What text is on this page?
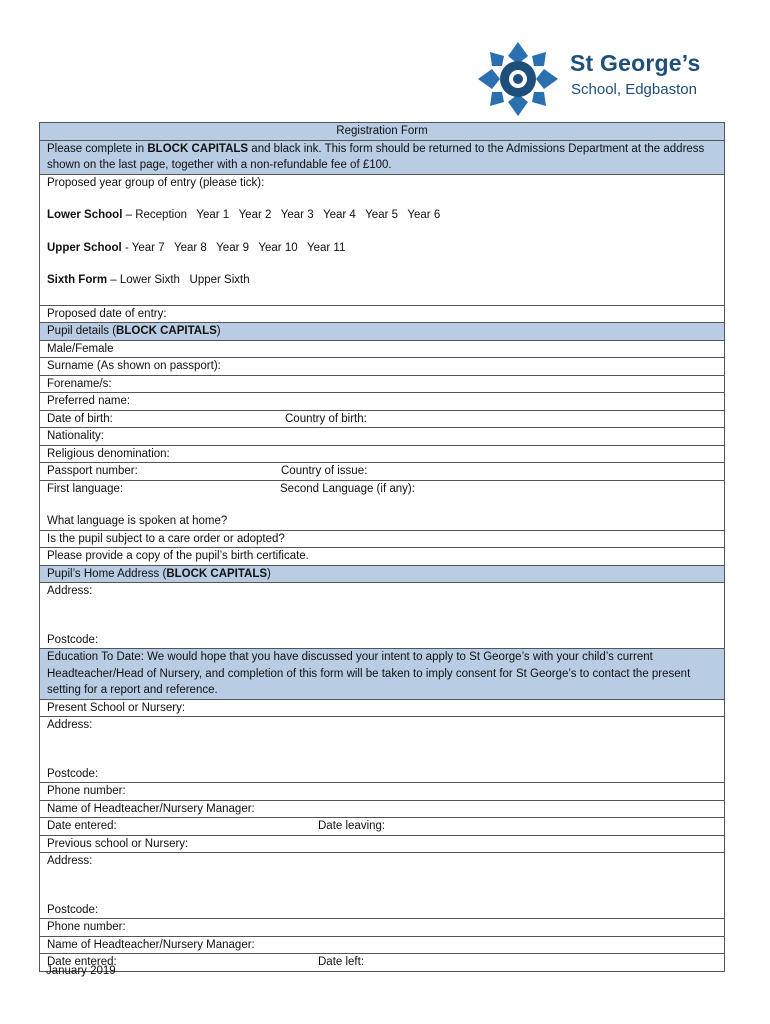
St George’s
School, Edgbaston
Registration Form
Please complete in BLOCK CAPITALS and black ink. This form should be returned to the Admissions Department at the address shown on the last page, together with a non-refundable fee of £100.
Proposed year group of entry (please tick):
Lower School – Reception   Year 1   Year 2   Year 3   Year 4   Year 5   Year 6
Upper School - Year 7   Year 8   Year 9   Year 10   Year 11
Sixth Form – Lower Sixth   Upper Sixth
Proposed date of entry:
Pupil details (BLOCK CAPITALS)
Male/Female
Surname (As shown on passport):
Forename/s:
Preferred name:
Date of birth:	Country of birth:
Nationality:
Religious denomination:
Passport number:	Country of issue:
First language:	Second Language (if any):
What language is spoken at home?
Is the pupil subject to a care order or adopted?
Please provide a copy of the pupil’s birth certificate.
Pupil’s Home Address (BLOCK CAPITALS)
Address:
Postcode:
Education To Date: We would hope that you have discussed your intent to apply to St George’s with your child’s current Headteacher/Head of Nursery, and completion of this form will be taken to imply consent for St George’s to contact the present setting for a report and reference.
Present School or Nursery:
Address:
Postcode:
Phone number:
Name of Headteacher/Nursery Manager:
Date entered:	Date leaving:
Previous school or Nursery:
Address:
Postcode:
Phone number:
Name of Headteacher/Nursery Manager:
Date entered:	Date left:
January 2019
